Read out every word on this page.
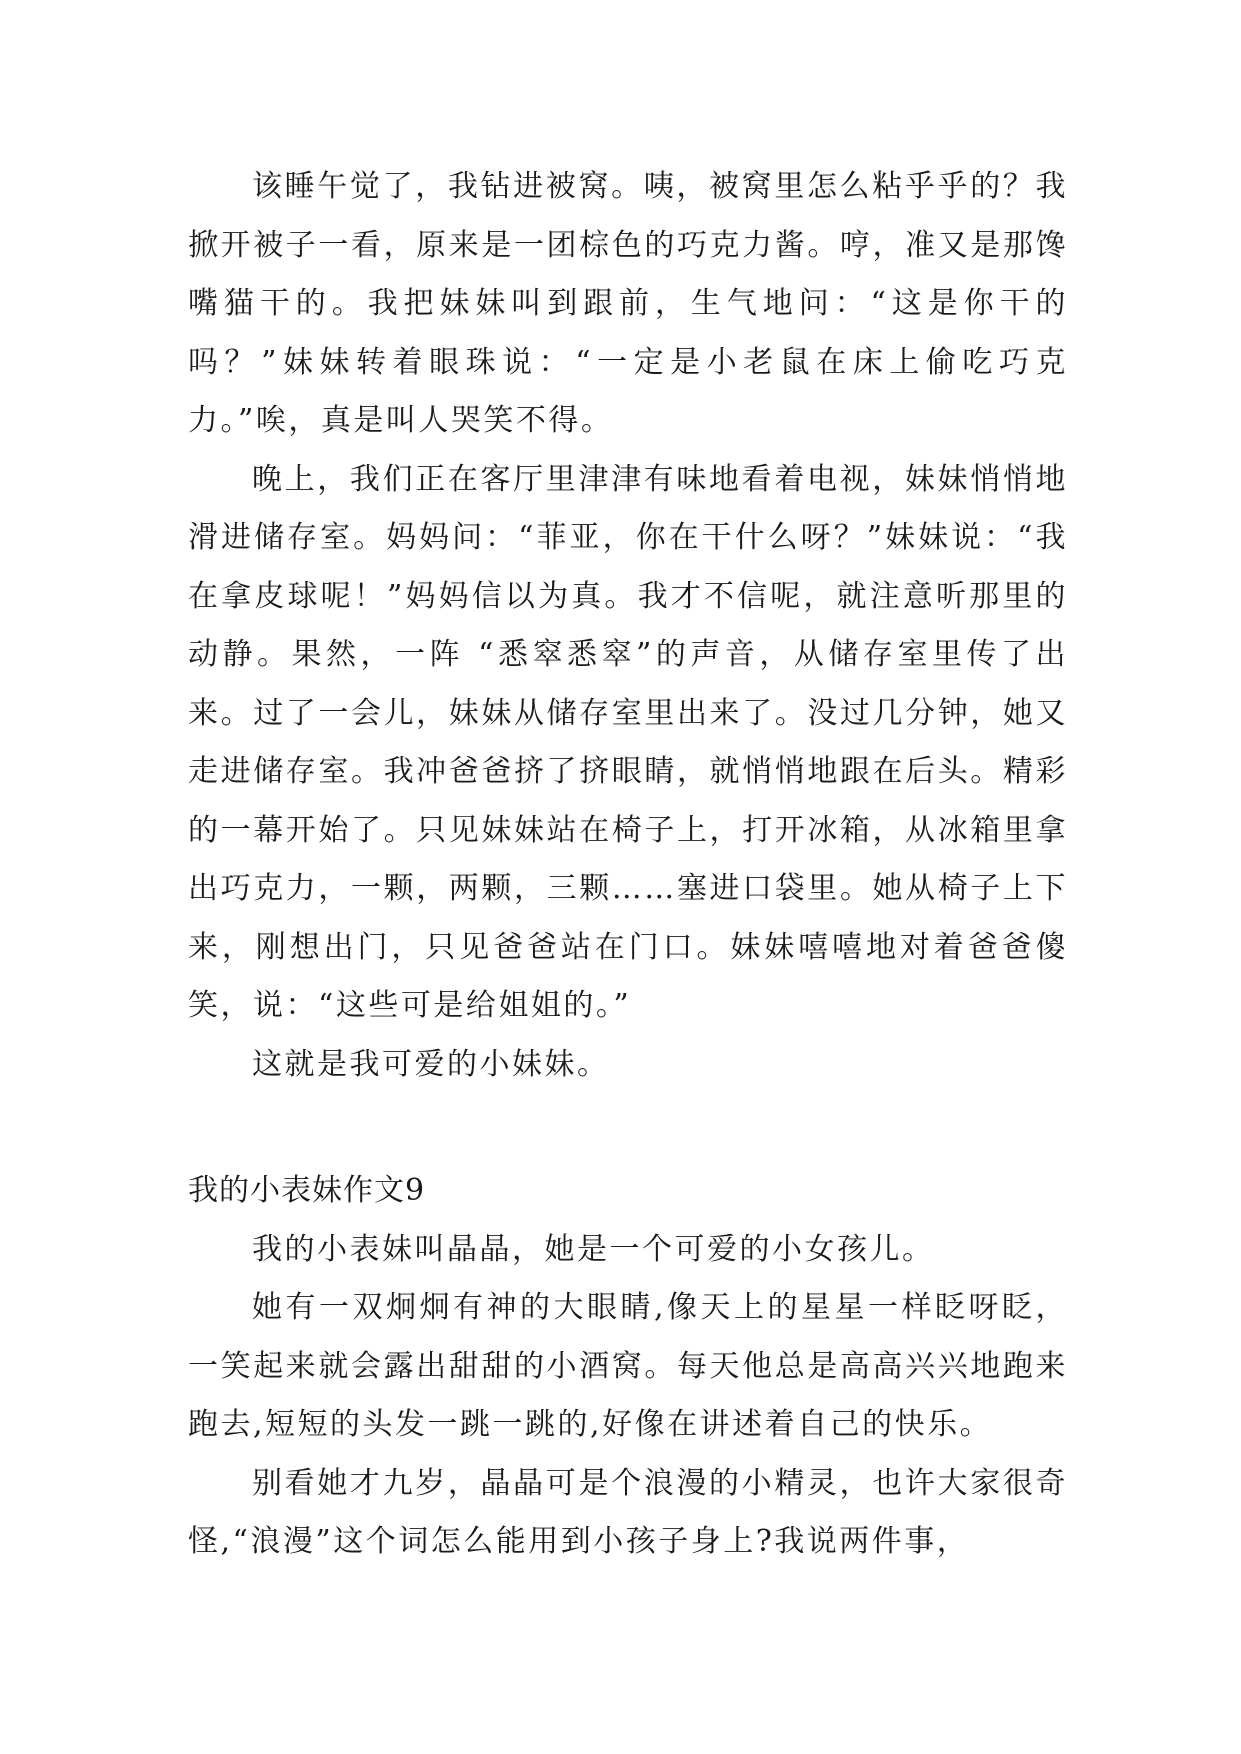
该睡午觉了，我钻进被窝。咦，被窝里怎么粘乎乎的？我掀开被子一看，原来是一团棕色的巧克力酱。哼，准又是那馋嘴猫干的。我把妹妹叫到跟前，生气地问：“这是你干的吗？”妹妹转着眼珠说：“一定是小老鼠在床上偷吃巧克力。”唉，真是叫人哭笑不得。

晚上，我们正在客厅里津津有味地看着电视，妹妹悄悄地滑进储存室。妈妈问：“菲亚，你在干什么呀？”妹妹说：“我在拿皮球呢！”妈妈信以为真。我才不信呢，就注意听那里的动静。果然，一阵 “悉窣悉窣”的声音，从储存室里传了出来。过了一会儿，妹妹从储存室里出来了。没过几分钟，她又走进储存室。我冲爸爸挤了挤眼睛，就悄悄地跟在后头。精彩的一幕开始了。只见妹妹站在椅子上，打开冰箱，从冰箱里拿出巧克力，一颗，两颗，三颗……塞进口袋里。她从椅子上下来，刚想出门，只见爸爸站在门口。妹妹嘻嘻地对着爸爸傻笑，说：“这些可是给姐姐的。”

这就是我可爱的小妹妹。

我的小表妹作文9

我的小表妹叫晶晶，她是一个可爱的小女孩儿。

她有一双炯炯有神的大眼睛,像天上的星星一样眨呀眨，一笑起来就会露出甜甜的小酒窝。每天他总是高高兴兴地跑来跑去,短短的头发一跳一跳的,好像在讲述着自己的快乐。

别看她才九岁，晶晶可是个浪漫的小精灵，也许大家很奇怪,“浪漫”这个词怎么能用到小孩子身上?我说两件事，
